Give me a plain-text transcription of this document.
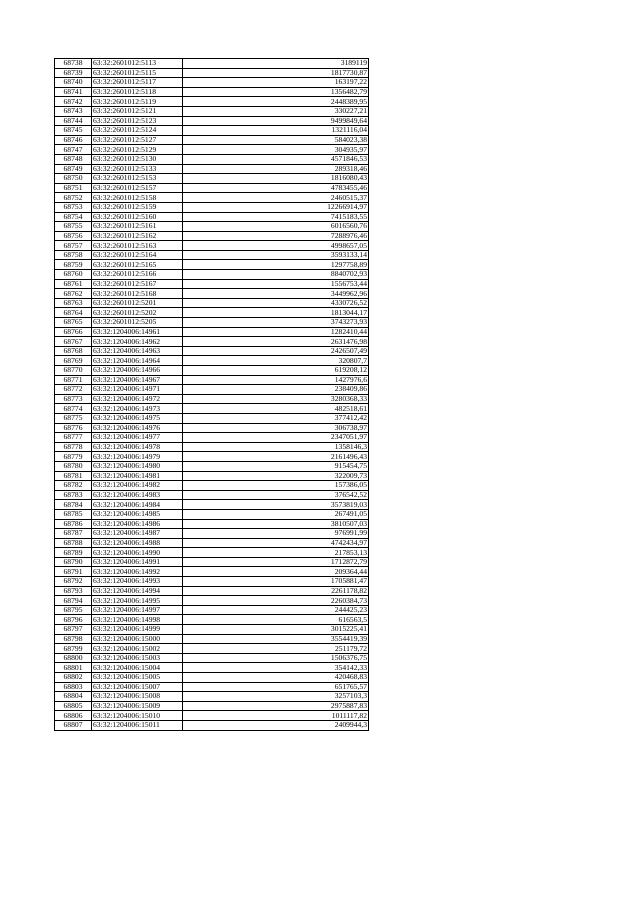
68738	63:32:2601012:5113	3189119
68739	63:32:2601012:5115	1817730,87
68740	63:32:2601012:5117	163197,22
68741	63:32:2601012:5118	1356482,79
68742	63:32:2601012:5119	2448389,95
68743	63:32:2601012:5121	330227,21
68744	63:32:2601012:5123	9499849,64
68745	63:32:2601012:5124	1321116,04
68746	63:32:2601012:5127	584023,38
68747	63:32:2601012:5129	304935,97
68748	63:32:2601012:5130	4571846,53
68749	63:32:2601012:5133	289318,46
68750	63:32:2601012:5153	1816080,43
68751	63:32:2601012:5157	4783455,46
68752	63:32:2601012:5158	2460515,37
68753	63:32:2601012:5159	12266914,97
68754	63:32:2601012:5160	7415183,55
68755	63:32:2601012:5161	6016560,76
68756	63:32:2601012:5162	7288976,46
68757	63:32:2601012:5163	4998657,05
68758	63:32:2601012:5164	3593133,14
68759	63:32:2601012:5165	1297758,89
68760	63:32:2601012:5166	8840702,93
68761	63:32:2601012:5167	1556753,44
68762	63:32:2601012:5168	3449962,96
68763	63:32:2601012:5201	4330726,52
68764	63:32:2601012:5202	1813044,17
68765	63:32:2601012:5205	3743273,93
68766	63:32:1204006:14961	1282410,44
68767	63:32:1204006:14962	2631476,98
68768	63:32:1204006:14963	2426507,49
68769	63:32:1204006:14964	320807,7
68770	63:32:1204006:14966	619208,12
68771	63:32:1204006:14967	1427976,6
68772	63:32:1204006:14971	238409,86
68773	63:32:1204006:14972	3280368,33
68774	63:32:1204006:14973	482518,61
68775	63:32:1204006:14975	377412,42
68776	63:32:1204006:14976	306738,97
68777	63:32:1204006:14977	2347051,97
68778	63:32:1204006:14978	1358146,3
68779	63:32:1204006:14979	2161496,43
68780	63:32:1204006:14980	915454,75
68781	63:32:1204006:14981	322009,73
68782	63:32:1204006:14982	157386,05
68783	63:32:1204006:14983	376542,52
68784	63:32:1204006:14984	3573819,03
68785	63:32:1204006:14985	267491,05
68786	63:32:1204006:14986	3810507,03
68787	63:32:1204006:14987	976991,99
68788	63:32:1204006:14988	4742434,97
68789	63:32:1204006:14990	217853,13
68790	63:32:1204006:14991	1712872,79
68791	63:32:1204006:14992	209364,44
68792	63:32:1204006:14993	1705881,47
68793	63:32:1204006:14994	2261178,82
68794	63:32:1204006:14995	2260384,73
68795	63:32:1204006:14997	244425,23
68796	63:32:1204006:14998	616563,5
68797	63:32:1204006:14999	3015225,41
68798	63:32:1204006:15000	3554419,39
68799	63:32:1204006:15002	251179,72
68800	63:32:1204006:15003	1506376,75
68801	63:32:1204006:15004	354142,33
68802	63:32:1204006:15005	420468,83
68803	63:32:1204006:15007	651765,57
68804	63:32:1204006:15008	3257103,3
68805	63:32:1204006:15009	2975887,83
68806	63:32:1204006:15010	1011117,82
68807	63:32:1204006:15011	2409944,3
